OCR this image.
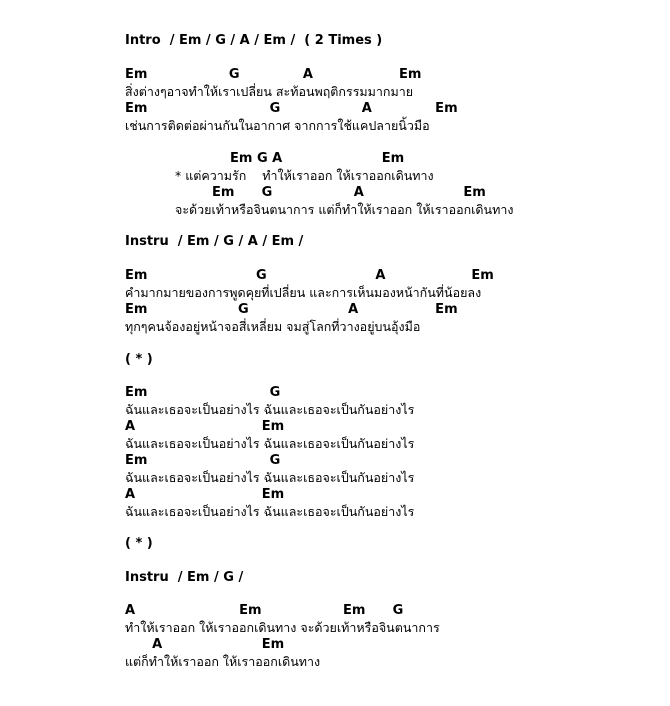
Intro  / Em / G / A / Em /  ( 2 Times )
Em                  G              A                   Em
สิ่งต่างๆอาจทำให้เราเปลี่ยน สะท้อนพฤติกรรมมากมาย
Em                           G                  A              Em
เช่นการติดต่อผ่านกันในอากาศ จากการใช้แคปลายนิ้วมือ
Em G A                      Em
* แต่ความรัก    ทำให้เราออก ให้เราออกเดินทาง
Em      G                  A                      Em
จะด้วยเท้าหรือจินตนาการ แต่ก็ทำให้เราออก ให้เราออกเดินทาง
Instru  / Em / G / A / Em /
Em                        G                        A                   Em
คำมากมายของการพูดคุยที่เปลี่ยน และการเห็นมองหน้ากันที่น้อยลง
Em                    G                      A                 Em
ทุกๆคนจ้องอยู่หน้าจอสี่เหลี่ยม จมสู่โลกที่วางอยู่บนอุ้งมือ
( * )
Em                           G
ฉันและเธอจะเป็นอย่างไร ฉันและเธอจะเป็นกันอย่างไร
A                            Em
ฉันและเธอจะเป็นอย่างไร ฉันและเธอจะเป็นกันอย่างไร
Em                           G
ฉันและเธอจะเป็นอย่างไร ฉันและเธอจะเป็นกันอย่างไร
A                            Em
ฉันและเธอจะเป็นอย่างไร ฉันและเธอจะเป็นกันอย่างไร
( * )
Instru  / Em / G /
A                       Em                  Em      G
ทำให้เราออก ให้เราออกเดินทาง จะด้วยเท้าหรือจินตนาการ
A                      Em
แต่ก็ทำให้เราออก ให้เราออกเดินทาง
